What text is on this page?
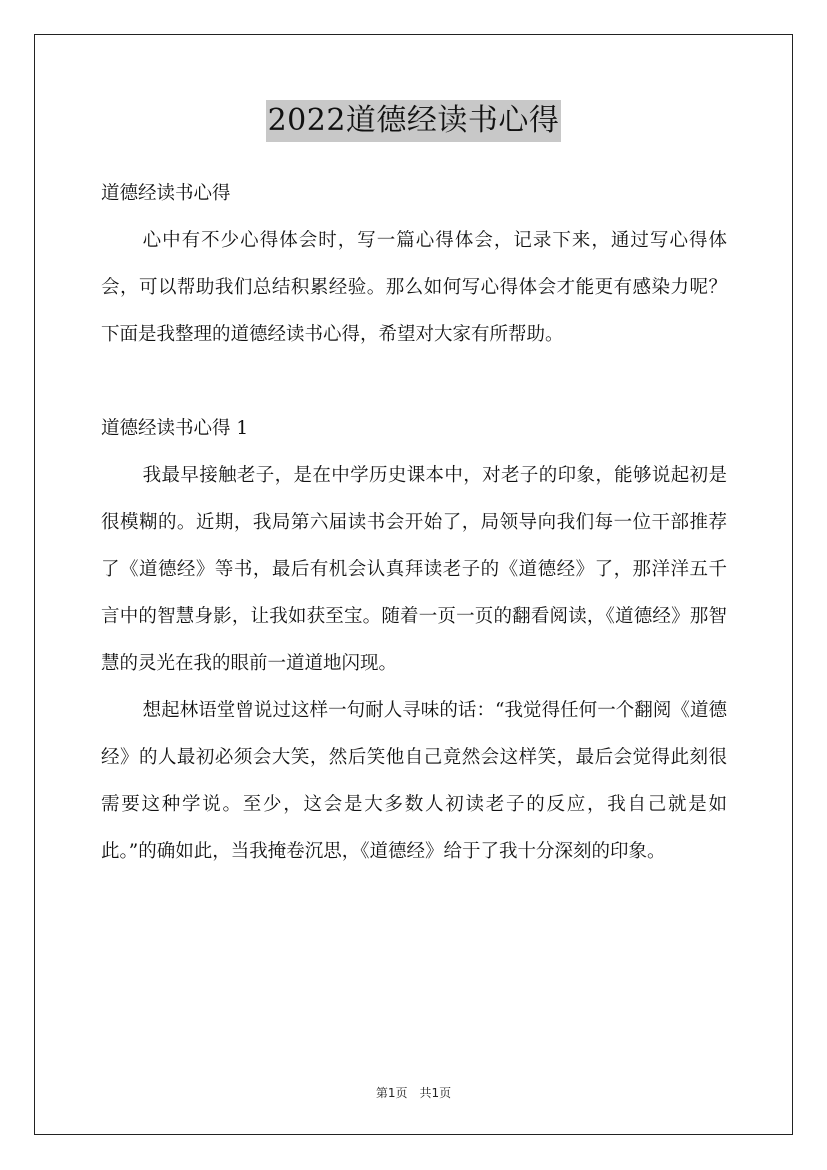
2022道德经读书心得

道德经读书心得

心中有不少心得体会时，写一篇心得体会，记录下来，通过写心得体会，可以帮助我们总结积累经验。那么如何写心得体会才能更有感染力呢？下面是我整理的道德经读书心得，希望对大家有所帮助。

道德经读书心得 1

我最早接触老子，是在中学历史课本中，对老子的印象，能够说起初是很模糊的。近期，我局第六届读书会开始了，局领导向我们每一位干部推荐了《道德经》等书，最后有机会认真拜读老子的《道德经》了，那洋洋五千言中的智慧身影，让我如获至宝。随着一页一页的翻看阅读，《道德经》那智慧的灵光在我的眼前一道道地闪现。

想起林语堂曾说过这样一句耐人寻味的话：“我觉得任何一个翻阅《道德经》的人最初必须会大笑，然后笑他自己竟然会这样笑，最后会觉得此刻很需要这种学说。至少，这会是大多数人初读老子的反应，我自己就是如此。”的确如此，当我掩卷沉思，《道德经》给于了我十分深刻的印象。

第1页　共1页
